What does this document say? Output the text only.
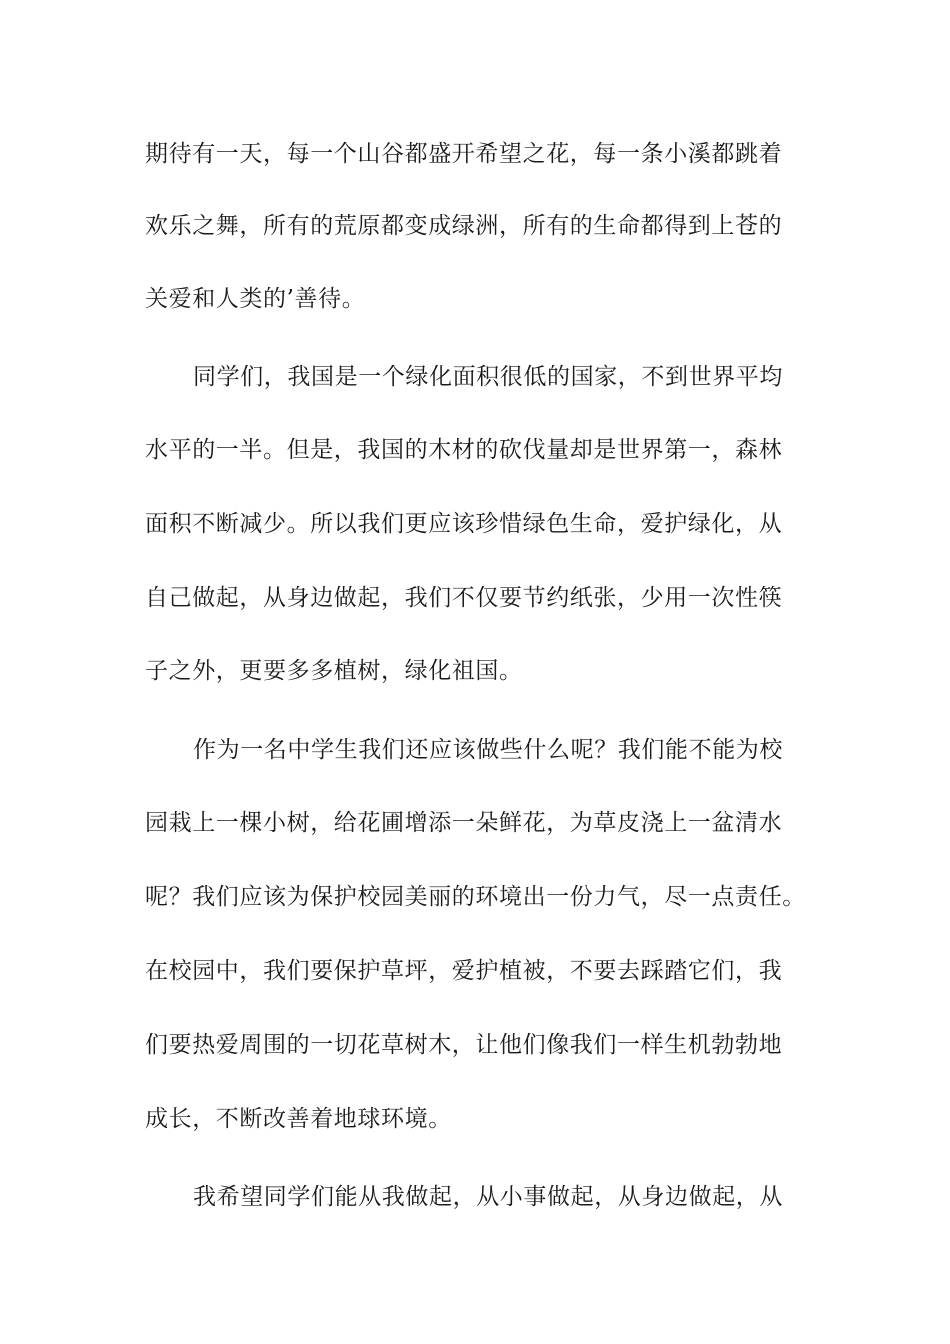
期待有一天，每一个山谷都盛开希望之花，每一条小溪都跳着
欢乐之舞，所有的荒原都变成绿洲，所有的生命都得到上苍的
关爱和人类的’善待。
同学们，我国是一个绿化面积很低的国家，不到世界平均
水平的一半。但是，我国的木材的砍伐量却是世界第一，森林
面积不断减少。所以我们更应该珍惜绿色生命，爱护绿化，从
自己做起，从身边做起，我们不仅要节约纸张，少用一次性筷
子之外，更要多多植树，绿化祖国。
作为一名中学生我们还应该做些什么呢？我们能不能为校
园栽上一棵小树，给花圃增添一朵鲜花，为草皮浇上一盆清水
呢？我们应该为保护校园美丽的环境出一份力气，尽一点责任。
在校园中，我们要保护草坪，爱护植被，不要去踩踏它们，我
们要热爱周围的一切花草树木，让他们像我们一样生机勃勃地
成长，不断改善着地球环境。
我希望同学们能从我做起，从小事做起，从身边做起，从
